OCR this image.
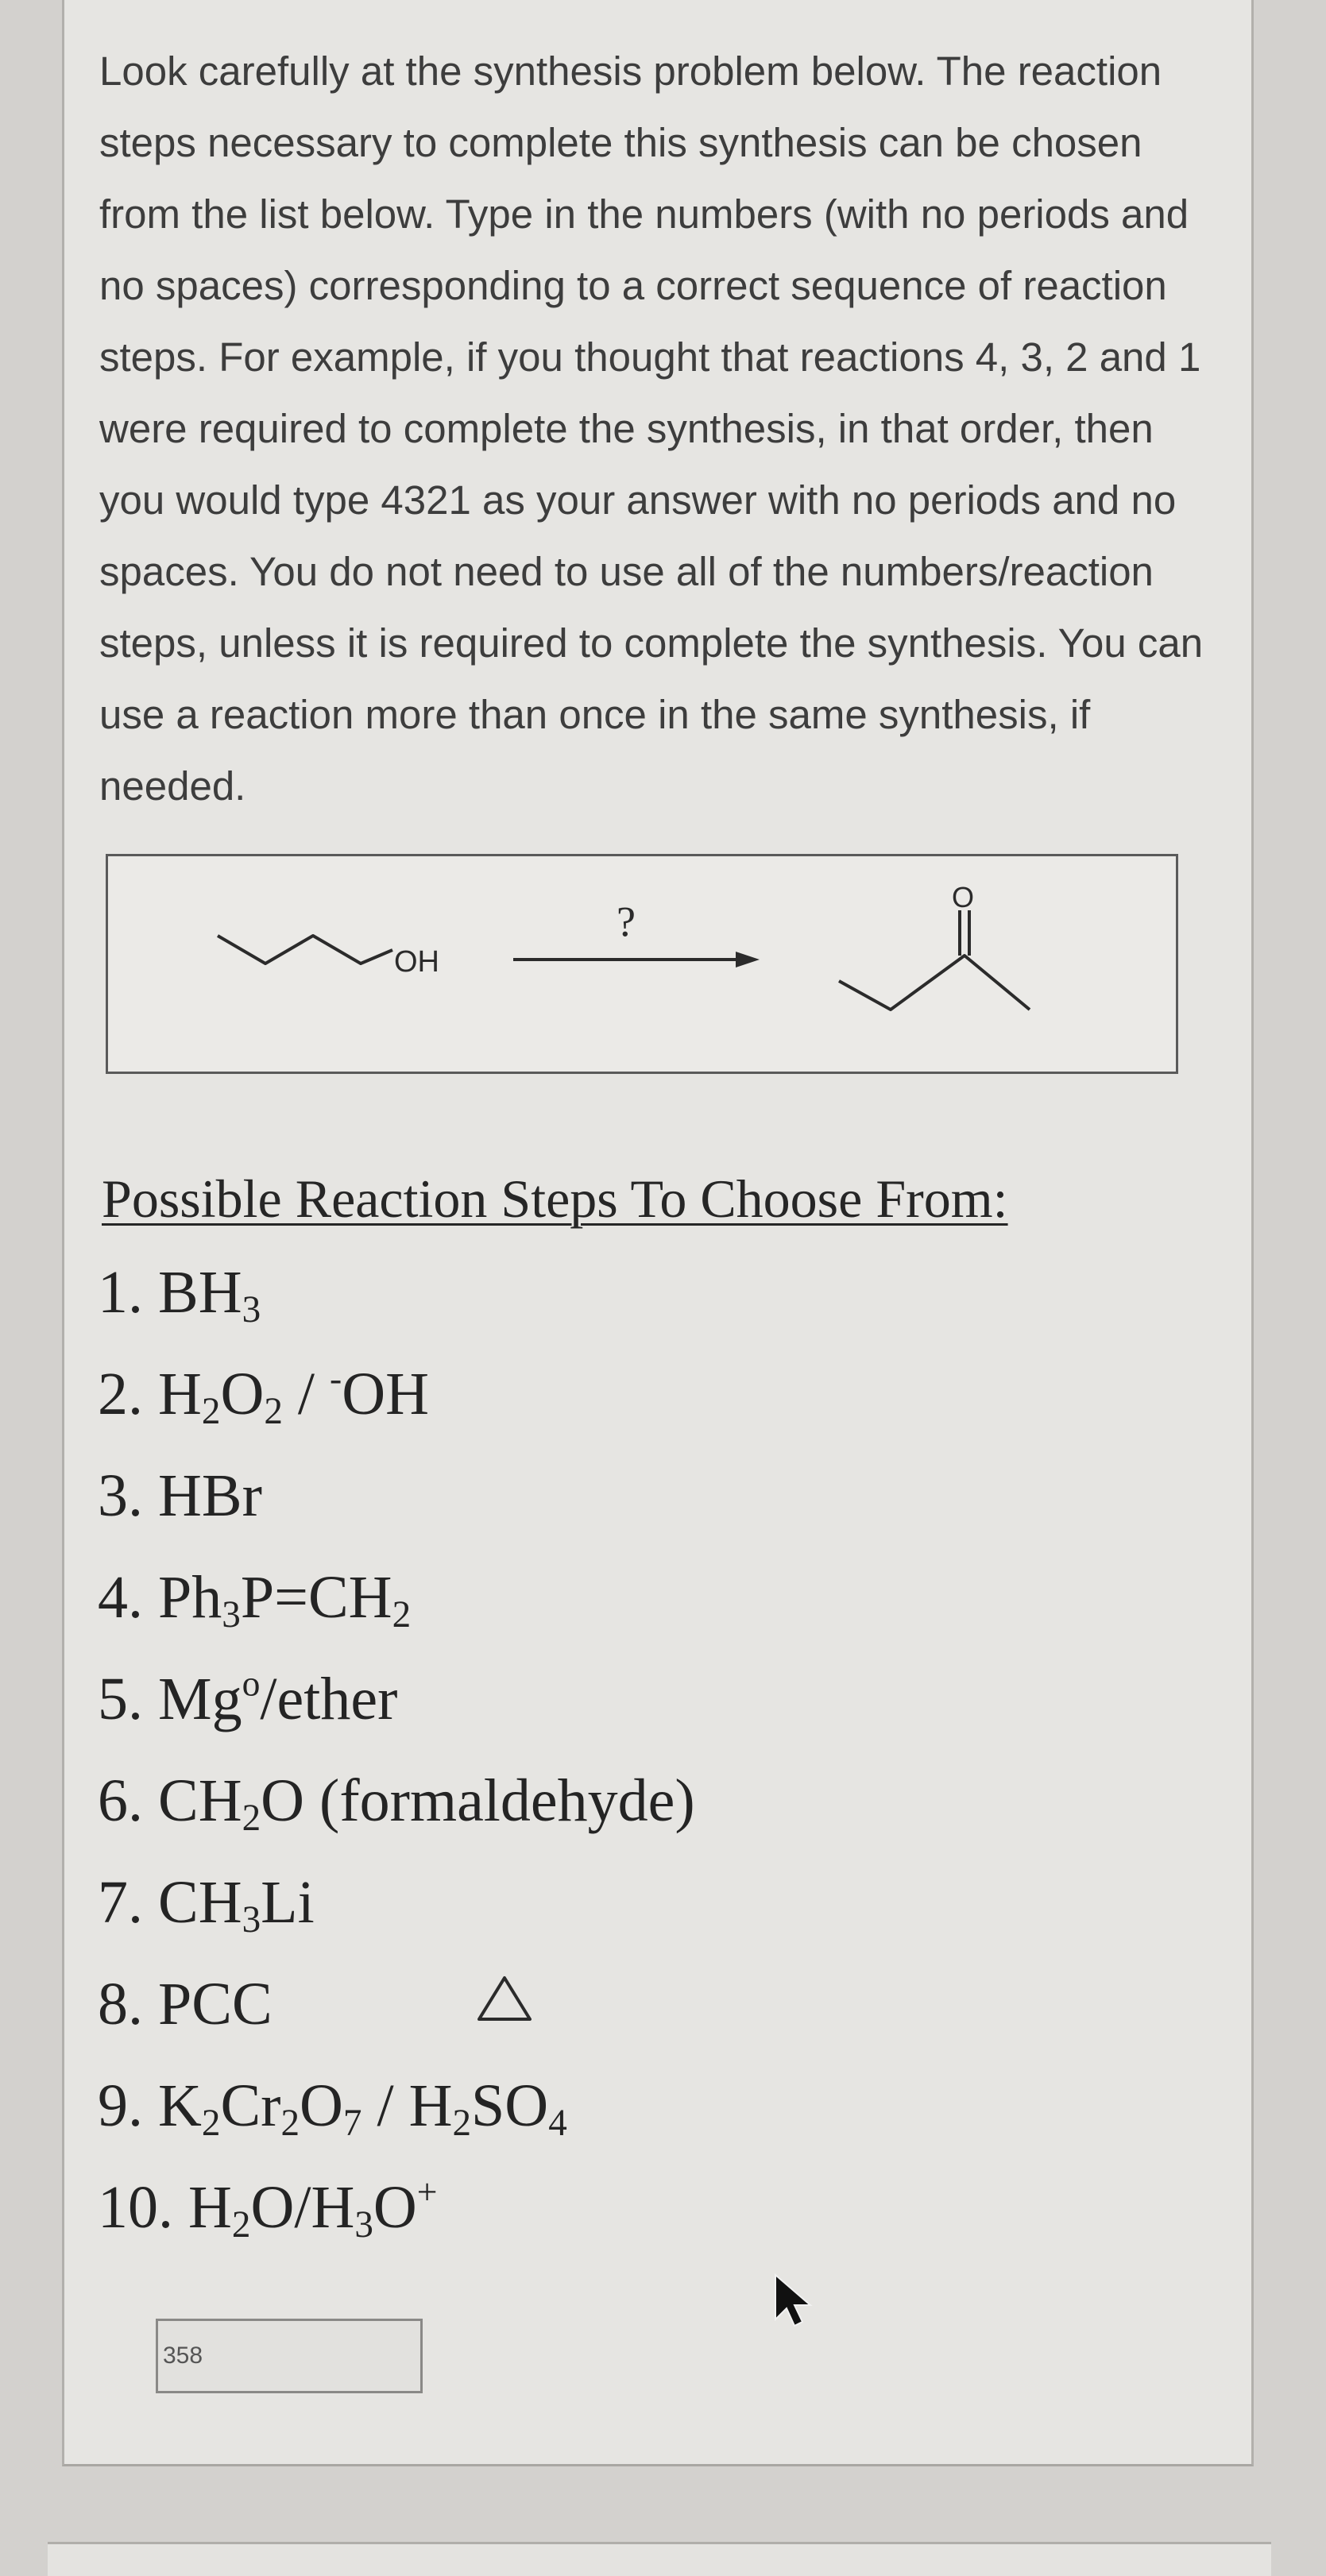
Look carefully at the synthesis problem below. The reaction steps necessary to complete this synthesis can be chosen from the list below. Type in the numbers (with no periods and no spaces) corresponding to a correct sequence of reaction steps. For example, if you thought that reactions 4, 3, 2 and 1 were required to complete the synthesis, in that order, then you would type 4321 as your answer with no periods and no spaces. You do not need to use all of the numbers/reaction steps, unless it is required to complete the synthesis. You can use a reaction more than once in the same synthesis, if needed.

OH
?
O
Possible Reaction Steps To Choose From:
1. $BH_3$
2. $H_2O_2 / ^-OH$
3. HBr
4. $Ph_3P=CH_2$
5. Mg$^o$/ether
6. $CH_2O$ (formaldehyde)
7. $CH_3Li$
8. PCC
9. $K_2Cr_2O_7 / H_2SO_4$
10. $H_2O/H_3O^+$
358
